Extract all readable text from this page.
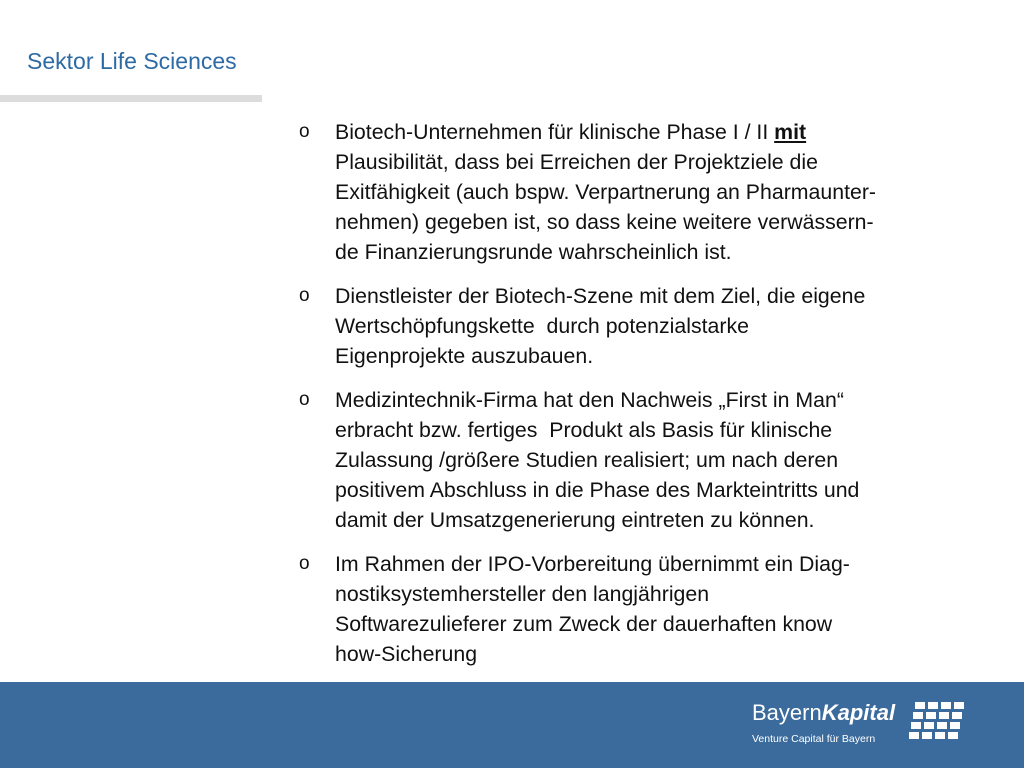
Sektor Life Sciences
o Biotech-Unternehmen für klinische Phase I / II mit
Plausibilität, dass bei Erreichen der Projektziele die
Exitfähigkeit (auch bspw. Verpartnerung an Pharmaunter-
nehmen) gegeben ist, so dass keine weitere verwässern-
de Finanzierungsrunde wahrscheinlich ist.
o Dienstleister der Biotech-Szene mit dem Ziel, die eigene
Wertschöpfungskette  durch potenzialstarke
Eigenprojekte auszubauen.
o Medizintechnik-Firma hat den Nachweis „First in Man“
erbracht bzw. fertiges  Produkt als Basis für klinische
Zulassung /größere Studien realisiert; um nach deren
positivem Abschluss in die Phase des Markteintritts und
damit der Umsatzgenerierung eintreten zu können.
o Im Rahmen der IPO-Vorbereitung übernimmt ein Diag-
nostiksystemhersteller den langjährigen
Softwarezulieferer zum Zweck der dauerhaften know
how-Sicherung
BayernKapital
Venture Capital für Bayern
